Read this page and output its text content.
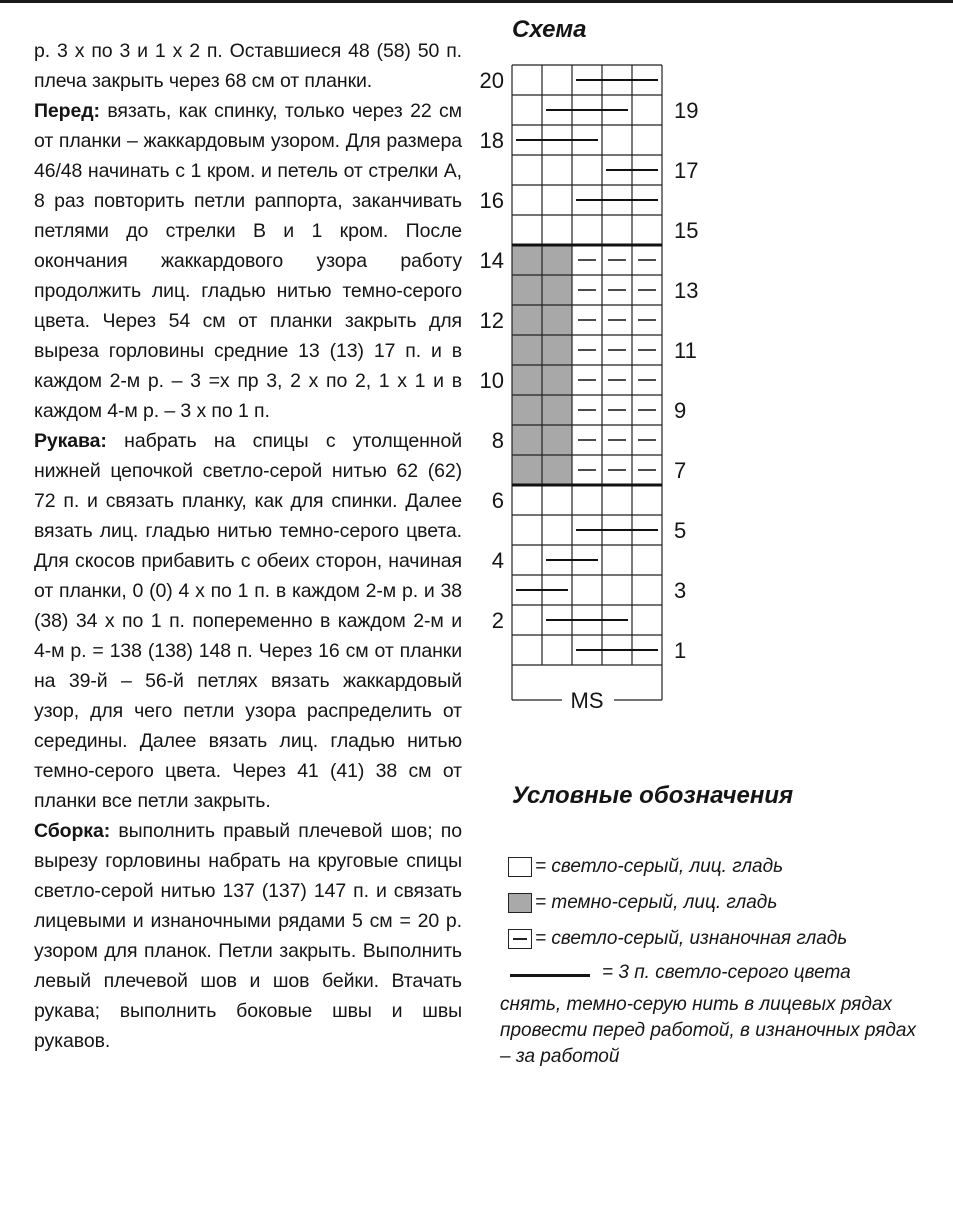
р. 3 х по 3 и 1 х 2 п. Оставшиеся 48 (58) 50 п. плеча закрыть через 68 см от планки.

Перед: вязать, как спинку, только через 22 см от планки – жаккардовым узором. Для размера 46/48 начинать с 1 кром. и петель от стрелки А, 8 раз повторить петли раппорта, заканчивать петлями до стрелки В и 1 кром. После окончания жаккардового узора работу продолжить лиц. гладью нитью темно-серого цвета. Через 54 см от планки закрыть для выреза горловины средние 13 (13) 17 п. и в каждом 2-м р. – 3 =х пр 3, 2 х по 2, 1 х 1 и в каждом 4-м р. – 3 х по 1 п.

Рукава: набрать на спицы с утолщенной нижней цепочкой светло-серой нитью 62 (62) 72 п. и связать планку, как для спинки. Далее вязать лиц. гладью нитью темно-серого цвета. Для скосов прибавить с обеих сторон, начиная от планки, 0 (0) 4 х по 1 п. в каждом 2-м р. и 38 (38) 34 х по 1 п. попеременно в каждом 2-м и 4-м р. = 138 (138) 148 п. Через 16 см от планки на 39-й – 56-й петлях вязать жаккардовый узор, для чего петли узора распределить от середины. Далее вязать лиц. гладью нитью темно-серого цвета. Через 41 (41) 38 см от планки все петли закрыть.

Сборка: выполнить правый плечевой шов; по вырезу горловины набрать на круговые спицы светло-серой нитью 137 (137) 147 п. и связать лицевыми и изнаночными рядами 5 см = 20 р. узором для планок. Петли закрыть. Выполнить левый плечевой шов и шов бейки. Втачать рукава; выполнить боковые швы и швы рукавов.

Схема
20
18
16
14
12
10
8
6
4
2
19
17
15
13
11
9
7
5
3
1
MS
Условные обозначения
= светло-серый, лиц. гладь
= темно-серый, лиц. гладь
= светло-серый, изнаночная гладь
= 3 п. светло-серого цвета
снять, темно-серую нить в лицевых рядах провести перед работой, в изнаночных рядах – за работой
